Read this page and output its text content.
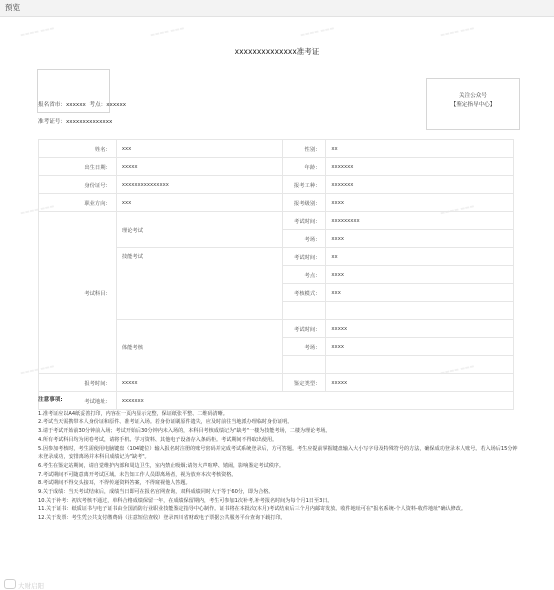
预览
▬▬▬▬ ▬▬▬	▬▬▬▬ ▬▬▬	▬▬▬▬ ▬▬▬	▬▬▬▬ ▬▬▬
▬▬▬▬ ▬▬▬	▬▬▬▬ ▬▬▬
▬▬▬▬ ▬▬▬	▬▬▬▬ ▬▬▬
xxxxxxxxxxxxxx准考证
关注公众号
【鉴定指导中心】
报名省市：xxxxxx 考点：xxxxxx
准考证号：xxxxxxxxxxxxxx
姓名：	xxx	性别：	xx
出生日期：	xxxxx	年龄：	xxxxxxx
身份证号：	xxxxxxxxxxxxxxx	报考工种：	xxxxxxx
职业方向：	xxx	报考级别：	xxxx
考试科目：	理论考试	考试时间：	xxxxxxxxx
		考场：	xxxx
	技能考试	考试时间：	xx
		考点：	xxxx
		考核模式：	xxx

	体能考核	考试时间：	xxxxx
		考场：	xxxx

报考时间：	xxxxx	鉴定类型：	xxxxx
考试地址：	xxxxxxx		
注意事项:

1.准考证应以A4纸妥善打印，内容在一页内显示完整，保证纸张平整、二维码清晰。

2.考试当天需携带本人身份证和原件、准考证入场。若身份证刷原件遗失，应及时前往当地派办理临时身份证明。

3.请于考试开始前30分钟前入场；考试开始后30分钟内未入场的，本科目考核成绩记为"缺考"一楼为技能考场，二楼为理论考场。

4.所有考试科目均为闭卷考试，请将手机、学习资料、其他电子设备存入条码柜。考试期间不得取出使用。

5.因参加考核时，考生需使用电脑键盘（104键位）输入报名时注册的账号密码并完成考试系统登录后，方可答题。考生应提前掌握键盘输入大小写字母及特殊符号的方法，确保成功登录本人账号。若入场后15分钟未登录成功，安排离场并本科目成绩记为"缺考"。

6.考生在鉴定站期间，请自觉维护内部和周边卫生，室内禁止吸烟;请勿大声喧哗、嬉闹，影响鉴定考试秩序。

7.考试期间不可随意离开考试区域。未告知工作人员即离场者，视为放弃本次考核资格。

8.考试期间不得交头接耳，不得传递资料答案，不得窥视他人答题。

9.关于成绩：当天考试结束后，成绩当日即可在报名官网查询，双科成绩同时大于等于60分，即为合格。

10.关于补考：初次考核不通过，单科合格成绩保留一年，在成绩保留期内，考生可参加1次补考,补考报名时间为每个月1日至3日。

11.关于证书：纸质证书与电子证书由全国消防行业职业技能鉴定指导中心制作。证书将在本批次(本月)考试结束后三个月内邮寄发放。收件地址可在"报名系统-个人资料-收件地址"确认修改。

12.关于发票：考生凭公共支付缴费码（注意短信查收）登录四川省财政电子票据公共服务平台查询下载打印。

大财启阳
